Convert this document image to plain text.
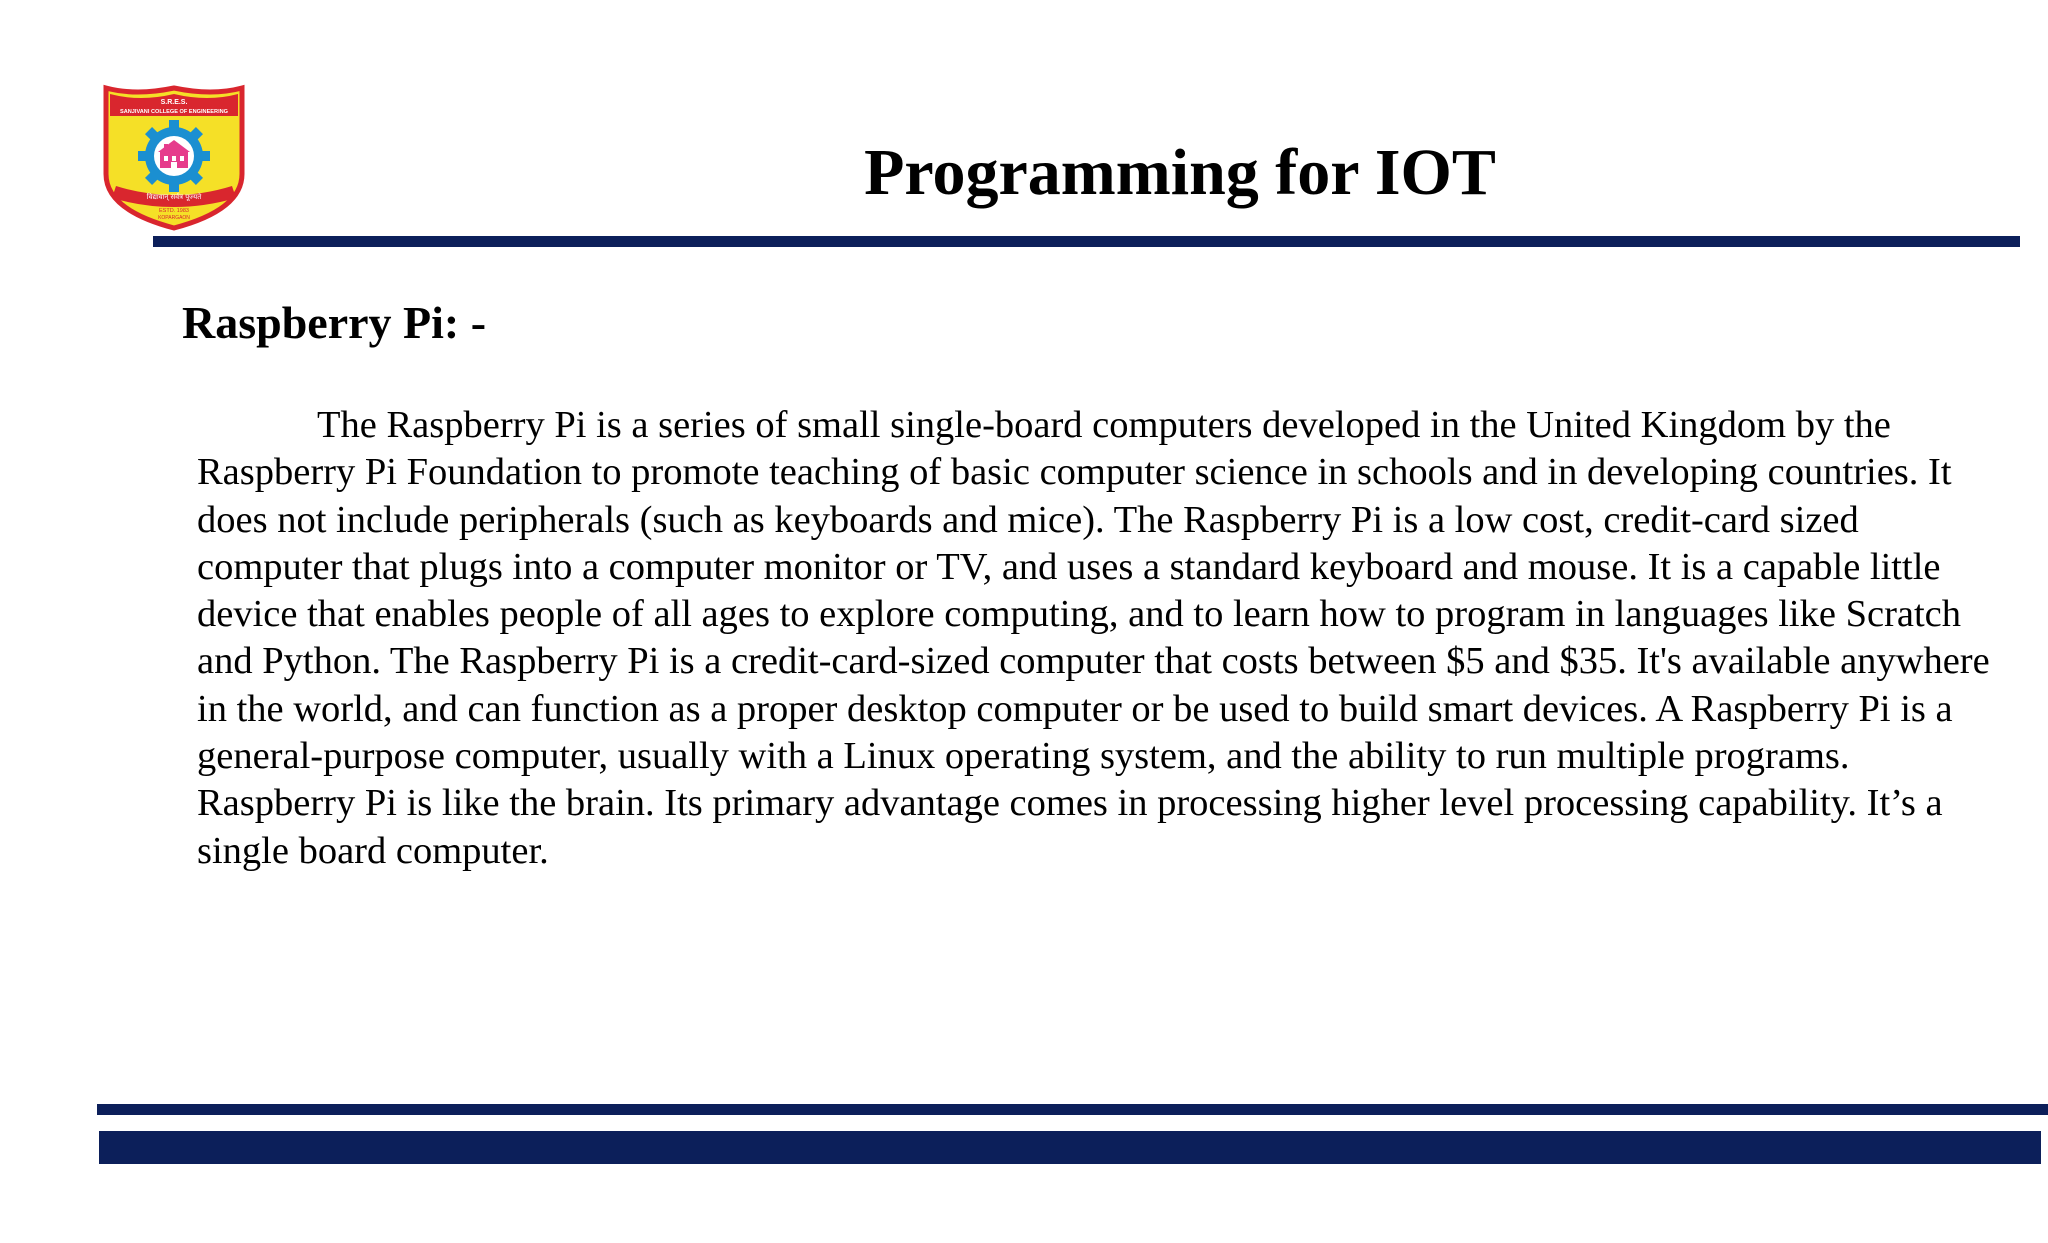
S.R.E.S.
SANJIVANI COLLEGE OF ENGINEERING
विद्यावान् सर्वत्र पूज्यते
ESTD. 1983
KOPARGAON
Programming for IOT
Raspberry Pi: -

The Raspberry Pi is a series of small single-board computers developed in the United Kingdom by the Raspberry Pi Foundation to promote teaching of basic computer science in schools and in developing countries. It does not include peripherals (such as keyboards and mice). The Raspberry Pi is a low cost, credit-card sized computer that plugs into a computer monitor or TV, and uses a standard keyboard and mouse. It is a capable little device that enables people of all ages to explore computing, and to learn how to program in languages like Scratch and Python. The Raspberry Pi is a credit-card-sized computer that costs between $5 and $35. It's available anywhere in the world, and can function as a proper desktop computer or be used to build smart devices. A Raspberry Pi is a general-purpose computer, usually with a Linux operating system, and the ability to run multiple programs. Raspberry Pi is like the brain. Its primary advantage comes in processing higher level processing capability. It’s a single board computer.
